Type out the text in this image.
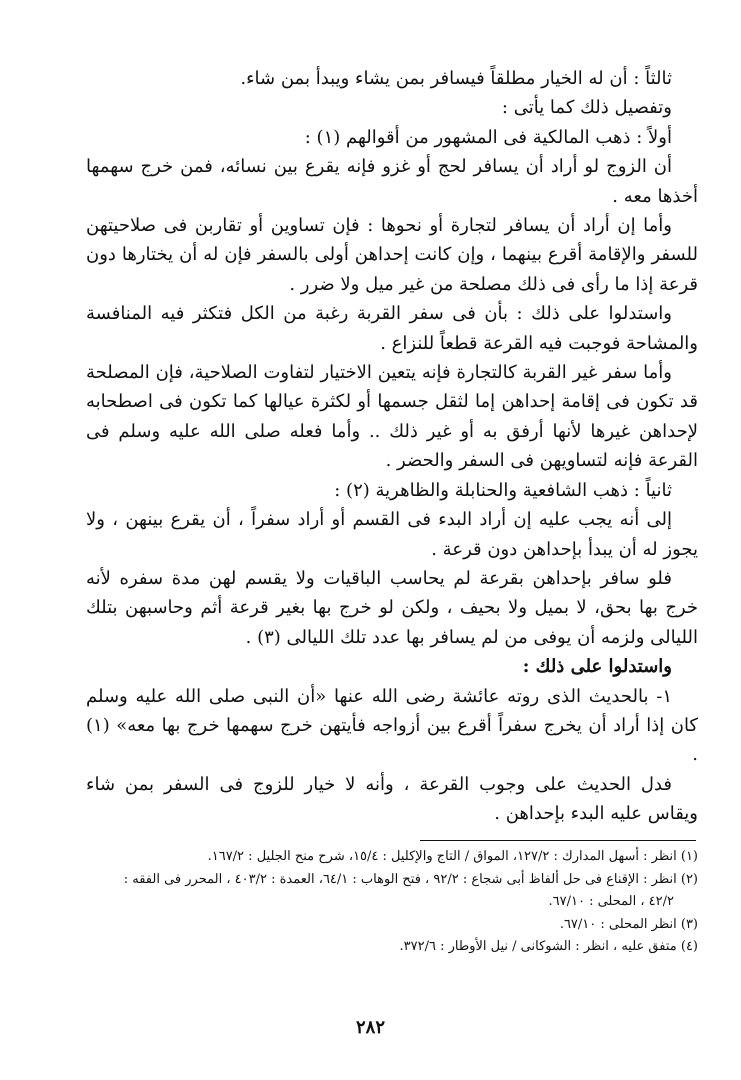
ثالثاً : أن له الخيار مطلقاً فيسافر بمن يشاء ويبدأ بمن شاء.

وتفصيل ذلك كما يأتى :

أولاً : ذهب المالكية فى المشهور من أقوالهم (١) :

أن الزوج لو أراد أن يسافر لحج أو غزو فإنه يقرع بين نسائه، فمن خرج سهمها أخذها معه .

وأما إن أراد أن يسافر لتجارة أو نحوها : فإن تساوين أو تقاربن فى صلاحيتهن للسفر والإقامة أقرع بينهما ، وإن كانت إحداهن أولى بالسفر فإن له أن يختارها دون قرعة إذا ما رأى فى ذلك مصلحة من غير ميل ولا ضرر .

واستدلوا على ذلك : بأن فى سفر القربة رغبة من الكل فتكثر فيه المنافسة والمشاحة فوجبت فيه القرعة قطعاً للنزاع .

وأما سفر غير القربة كالتجارة فإنه يتعين الاختيار لتفاوت الصلاحية، فإن المصلحة قد تكون فى إقامة إحداهن إما لثقل جسمها أو لكثرة عيالها كما تكون فى اصطحابه لإحداهن غيرها لأنها أرفق به أو غير ذلك .. وأما فعله صلى الله عليه وسلم فى القرعة فإنه لتساويهن فى السفر والحضر .

ثانياً : ذهب الشافعية والحنابلة والظاهرية (٢) :

إلى أنه يجب عليه إن أراد البدء فى القسم أو أراد سفراً ، أن يقرع بينهن ، ولا يجوز له أن يبدأ بإحداهن دون قرعة .

فلو سافر بإحداهن بقرعة لم يحاسب الباقيات ولا يقسم لهن مدة سفره لأنه خرج بها بحق، لا بميل ولا بحيف ، ولكن لو خرج بها بغير قرعة أثم وحاسبهن بتلك الليالى ولزمه أن يوفى من لم يسافر بها عدد تلك الليالى (٣) .

واستدلوا على ذلك :

١- بالحديث الذى روته عائشة رضى الله عنها «أن النبى صلى الله عليه وسلم كان إذا أراد أن يخرج سفراً أقرع بين أزواجه فأيتهن خرج سهمها خرج بها معه» (١) .

فدل الحديث على وجوب القرعة ، وأنه لا خيار للزوج فى السفر بمن شاء ويقاس عليه البدء بإحداهن .

(١) انظر : أسهل المدارك : ١٢٧/٢، المواق / التاج والإكليل : ١٥/٤، شرح منح الجليل : ١٦٧/٢.

(٢) انظر : الإقناع فى حل ألفاظ أبى شجاع : ٩٢/٢ ، فتح الوهاب : ٦٤/١، العمدة : ٤٠٣/٢ ، المحرر فى الفقه :

٤٢/٢ ، المحلى : ٦٧/١٠.

(٣) انظر المحلى : ٦٧/١٠.

(٤) متفق عليه ، انظر : الشوكانى / نيل الأوطار : ٣٧٢/٦.

٢٨٢
